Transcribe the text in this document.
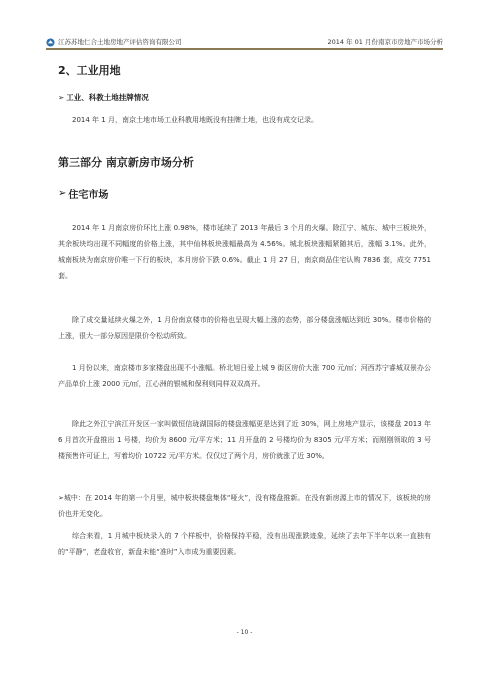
江苏苏地仁合土地房地产评估咨询有限公司	2014 年 01 月份南京市房地产市场分析
2、工业用地
➢ 工业、科教土地挂牌情况
2014 年 1 月，南京土地市场工业科教用地既没有挂牌土地，也没有成交记录。
第三部分 南京新房市场分析
➢ 住宅市场
2014 年 1 月南京房价环比上涨 0.98%，楼市延续了 2013 年最后 3 个月的火爆。除江宁、城东、城中三板块外，其余板块均出现不同幅度的价格上涨，其中仙林板块涨幅最高为 4.56%。城北板块涨幅紧随其后，涨幅 3.1%。此外，城南板块为南京房价唯一下行的板块，本月房价下跌 0.6%。截止 1 月 27 日，南京商品住宅认购 7836 套，成交 7751 套。
除了成交量延续火爆之外，1 月份南京楼市的价格也呈现大幅上涨的态势，部分楼盘涨幅达到近 30%。楼市价格的上涨，很大一部分原因是限价令松动所致。
1 月份以来，南京楼市多家楼盘出现不小涨幅。桥北旭日爱上城 9 街区房价大涨 700 元/㎡；河西苏宁睿城双景办公产品单价上涨 2000 元/㎡，江心洲的银城和保利则同样双双高开。
除此之外江宁滨江开发区一家叫做恒信珑湖国际的楼盘涨幅更是达到了近 30%，网上房地产显示，该楼盘 2013 年 6 月首次开盘推出 1 号楼，均价为 8600 元/平方米；11 月开盘的 2 号楼均价为 8305 元/平方米；而刚刚领取的 3 号楼预售许可证上，写着均价 10722 元/平方米。仅仅过了两个月，房价就涨了近 30%。
➢城中：在 2014 年的第一个月里，城中板块楼盘集体“哑火”，没有楼盘推新。在没有新房源上市的情况下，该板块的房价也并无变化。
综合来看，1 月城中板块录入的 7 个样板中，价格保持平稳，没有出现涨跌迹象，延续了去年下半年以来一直独有的“平静”，老盘收官，新盘未能“准时”入市成为重要因素。
- 10 -
